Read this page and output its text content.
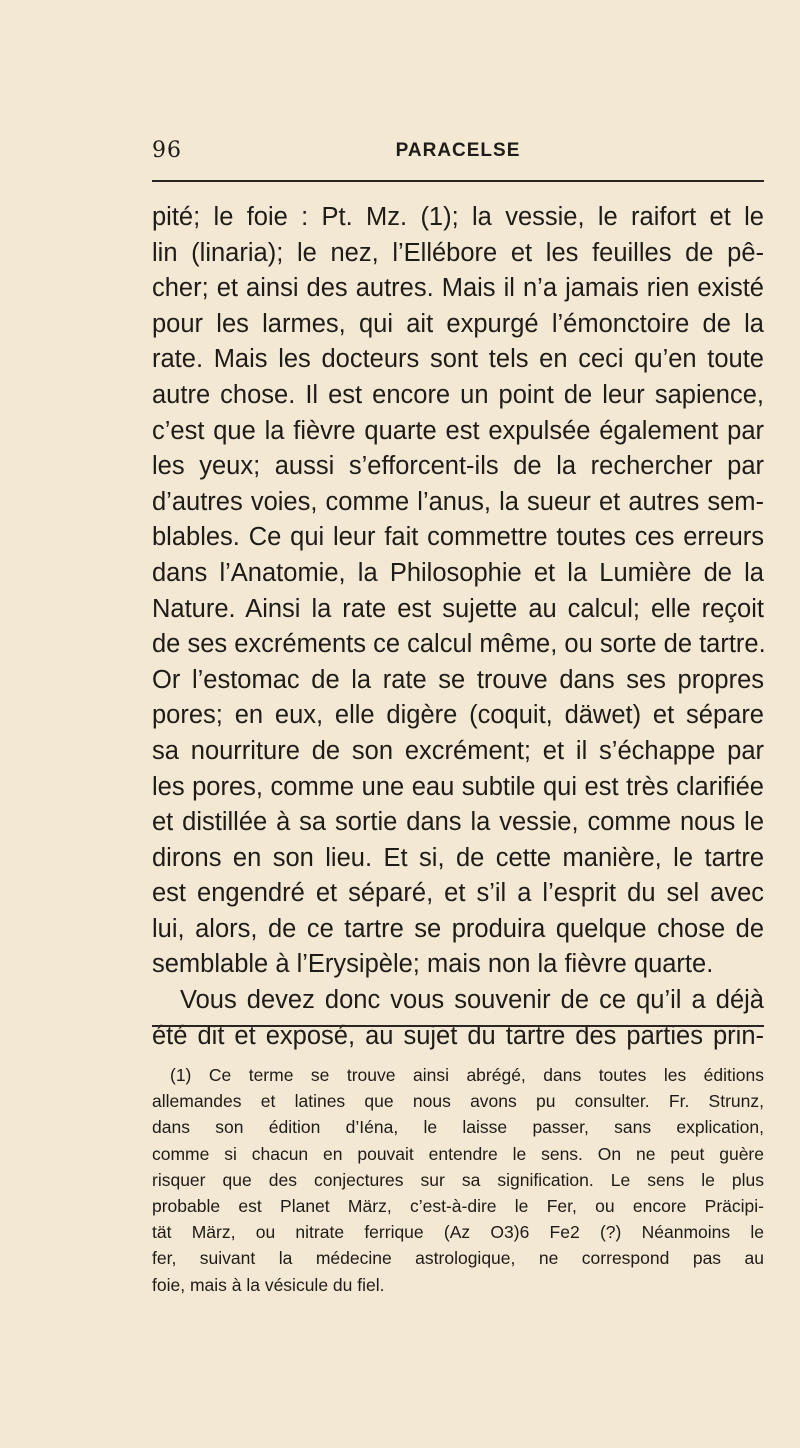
96	PARACELSE
pité; le foie : Pt. Mz. (1); la vessie, le raifort et le
lin (linaria); le nez, l’Ellébore et les feuilles de pê-
cher; et ainsi des autres. Mais il n’a jamais rien existé
pour les larmes, qui ait expurgé l’émonctoire de la
rate. Mais les docteurs sont tels en ceci qu’en toute
autre chose. Il est encore un point de leur sapience,
c’est que la fièvre quarte est expulsée également par
les yeux; aussi s’efforcent-ils de la rechercher par
d’autres voies, comme l’anus, la sueur et autres sem-
blables. Ce qui leur fait commettre toutes ces erreurs
dans l’Anatomie, la Philosophie et la Lumière de la
Nature. Ainsi la rate est sujette au calcul; elle reçoit
de ses excréments ce calcul même, ou sorte de tartre.
Or l’estomac de la rate se trouve dans ses propres
pores; en eux, elle digère (coquit, däwet) et sépare
sa nourriture de son excrément; et il s’échappe par
les pores, comme une eau subtile qui est très clarifiée
et distillée à sa sortie dans la vessie, comme nous le
dirons en son lieu. Et si, de cette manière, le tartre
est engendré et séparé, et s’il a l’esprit du sel avec
lui, alors, de ce tartre se produira quelque chose de
semblable à l’Erysipèle; mais non la fièvre quarte.
Vous devez donc vous souvenir de ce qu’il a déjà
été dit et exposé, au sujet du tartre des parties prin-
(1) Ce terme se trouve ainsi abrégé, dans toutes les éditions
allemandes et latines que nous avons pu consulter. Fr. Strunz,
dans son édition d’Iéna, le laisse passer, sans explication,
comme si chacun en pouvait entendre le sens. On ne peut guère
risquer que des conjectures sur sa signification. Le sens le plus
probable est Planet März, c’est-à-dire le Fer, ou encore Präcipi-
tät März, ou nitrate ferrique (Az O3)6 Fe2 (?) Néanmoins le
fer, suivant la médecine astrologique, ne correspond pas au
foie, mais à la vésicule du fiel.
